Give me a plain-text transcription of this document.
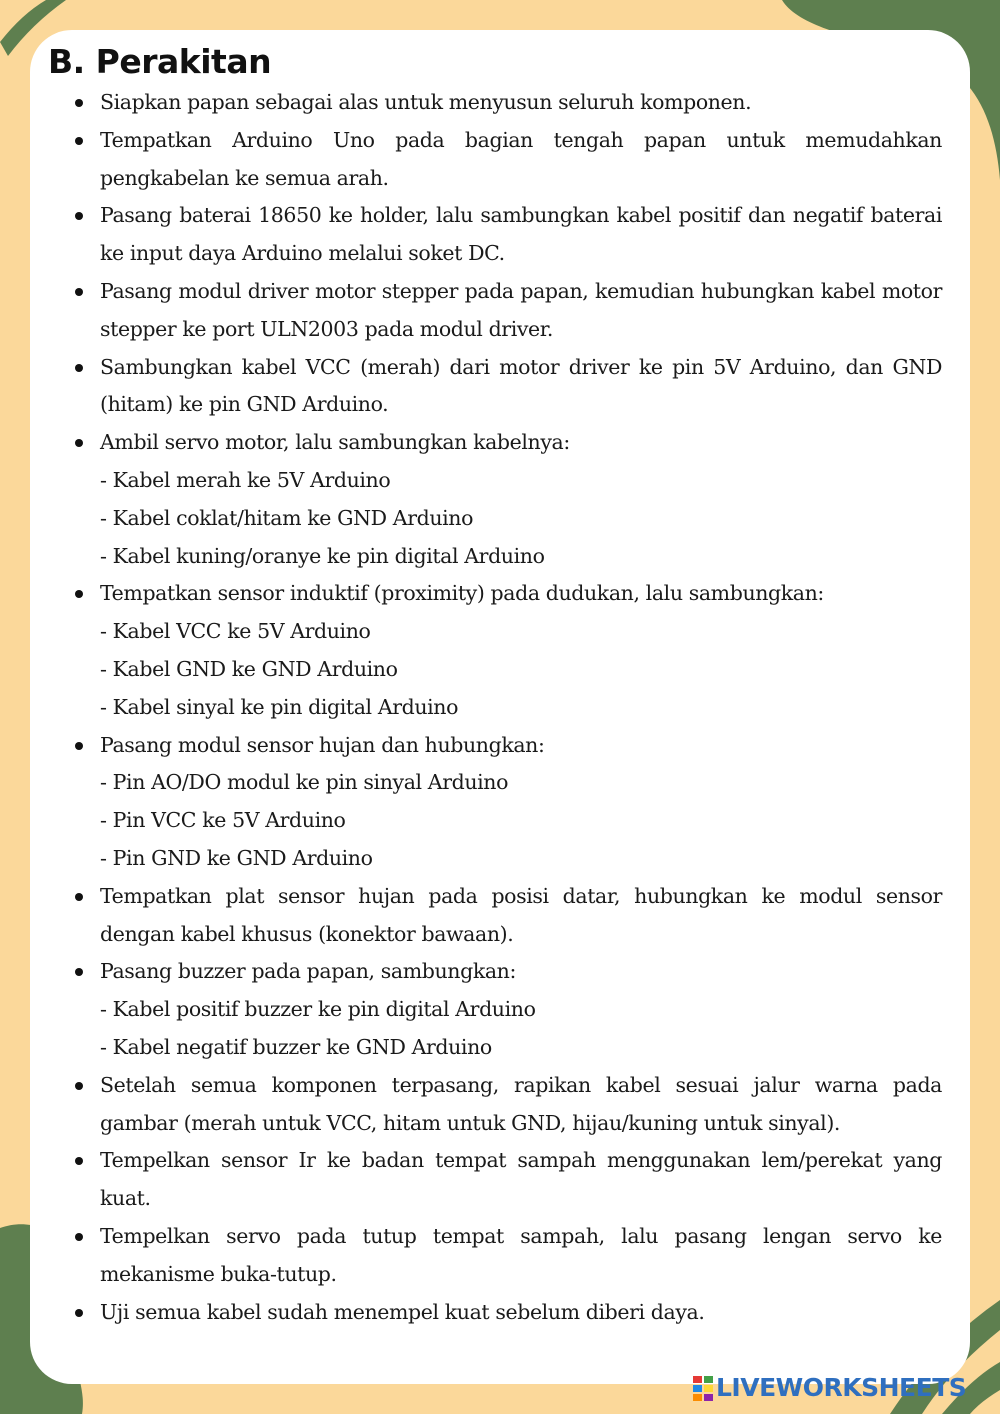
B. Perakitan
Siapkan papan sebagai alas untuk menyusun seluruh komponen.
Tempatkan Arduino Uno pada bagian tengah papan untuk memudahkan pengkabelan ke semua arah.
Pasang baterai 18650 ke holder, lalu sambungkan kabel positif dan negatif baterai ke input daya Arduino melalui soket DC.
Pasang modul driver motor stepper pada papan, kemudian hubungkan kabel motor stepper ke port ULN2003 pada modul driver.
Sambungkan kabel VCC (merah) dari motor driver ke pin 5V Arduino, dan GND (hitam) ke pin GND Arduino.
Ambil servo motor, lalu sambungkan kabelnya:
- Kabel merah ke 5V Arduino
- Kabel coklat/hitam ke GND Arduino
- Kabel kuning/oranye ke pin digital Arduino
Tempatkan sensor induktif (proximity) pada dudukan, lalu sambungkan:
- Kabel VCC ke 5V Arduino
- Kabel GND ke GND Arduino
- Kabel sinyal ke pin digital Arduino
Pasang modul sensor hujan dan hubungkan:
- Pin AO/DO modul ke pin sinyal Arduino
- Pin VCC ke 5V Arduino
- Pin GND ke GND Arduino
Tempatkan plat sensor hujan pada posisi datar, hubungkan ke modul sensor dengan kabel khusus (konektor bawaan).
Pasang buzzer pada papan, sambungkan:
- Kabel positif buzzer ke pin digital Arduino
- Kabel negatif buzzer ke GND Arduino
Setelah semua komponen terpasang, rapikan kabel sesuai jalur warna pada gambar (merah untuk VCC, hitam untuk GND, hijau/kuning untuk sinyal).
Tempelkan sensor Ir ke badan tempat sampah menggunakan lem/perekat yang kuat.
Tempelkan servo pada tutup tempat sampah, lalu pasang lengan servo ke mekanisme buka-tutup.
Uji semua kabel sudah menempel kuat sebelum diberi daya.
LIVEWORKSHEETS
